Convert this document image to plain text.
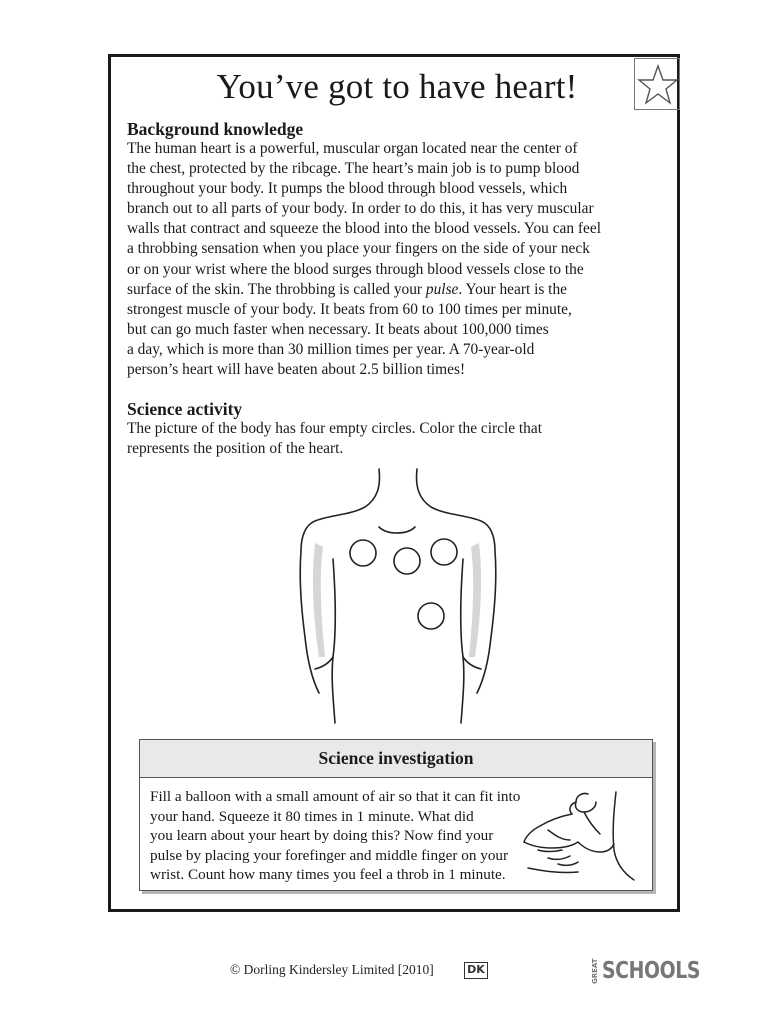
You’ve got to have heart!
Background knowledge

The human heart is a powerful, muscular organ located near the center of
the chest, protected by the ribcage. The heart’s main job is to pump blood
throughout your body. It pumps the blood through blood vessels, which
branch out to all parts of your body. In order to do this, it has very muscular
walls that contract and squeeze the blood into the blood vessels. You can feel
a throbbing sensation when you place your fingers on the side of your neck
or on your wrist where the blood surges through blood vessels close to the
surface of the skin. The throbbing is called your pulse. Your heart is the
strongest muscle of your body. It beats from 60 to 100 times per minute,
but can go much faster when necessary. It beats about 100,000 times
a day, which is more than 30 million times per year. A 70-year-old
person’s heart will have beaten about 2.5 billion times!

Science activity

The picture of the body has four empty circles. Color the circle that
represents the position of the heart.

Science investigation

Fill a balloon with a small amount of air so that it can fit into
your hand. Squeeze it 80 times in 1 minute. What did
you learn about your heart by doing this? Now find your
pulse by placing your forefinger and middle finger on your
wrist. Count how many times you feel a throb in 1 minute.

© Dorling Kindersley Limited [2010]	DK	GREAT SCHOOLS
